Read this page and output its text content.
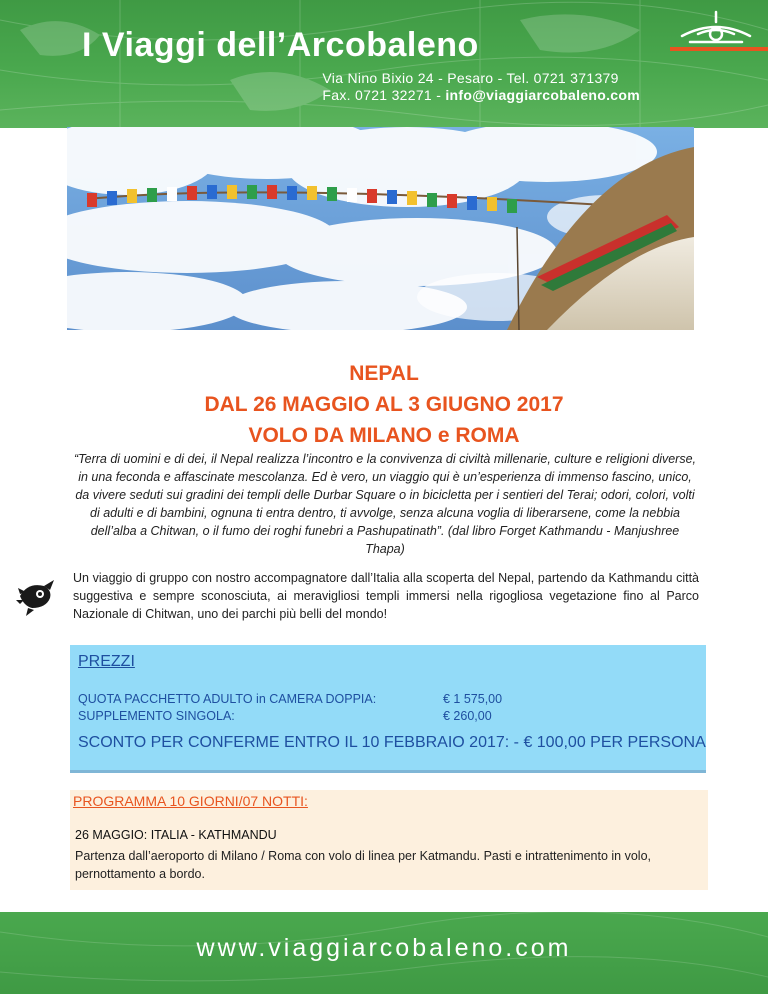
I Viaggi dell’Arcobaleno
Via Nino Bixio 24 - Pesaro - Tel. 0721 371379
Fax. 0721 32271 - info@viaggiarcobaleno.com
NEPAL
DAL 26 MAGGIO AL 3 GIUGNO 2017
VOLO DA MILANO e ROMA

“Terra di uomini e di dei, il Nepal realizza l’incontro e la convivenza di civiltà millenarie, culture e religioni diverse, in una feconda e affascinate mescolanza. Ed è vero, un viaggio qui è un’esperienza di immenso fascino, unico, da vivere seduti sui gradini dei templi delle Durbar Square o in bicicletta per i sentieri del Terai; odori, colori, volti di adulti e di bambini, ognuna ti entra dentro, ti avvolge, senza alcuna voglia di liberarsene, come la nebbia dell’alba a Chitwan, o il fumo dei roghi funebri a Pashupatinath”. (dal libro Forget Kathmandu - Manjushree Thapa)

Un viaggio di gruppo con nostro accompagnatore dall’Italia alla scoperta del Nepal, partendo da Kathmandu città suggestiva e sempre sconosciuta, ai meravigliosi templi immersi nella rigogliosa vegetazione fino al Parco Nazionale di Chitwan, uno dei parchi più belli del mondo!

PREZZI
QUOTA PACCHETTO ADULTO in CAMERA DOPPIA:	€ 1 575,00
SUPPLEMENTO SINGOLA:	€ 260,00

SCONTO PER CONFERME ENTRO IL 10 FEBBRAIO 2017: - € 100,00 PER PERSONA

PROGRAMMA 10 GIORNI/07 NOTTI:

26 MAGGIO: ITALIA - KATHMANDU

Partenza dall’aeroporto di Milano / Roma con volo di linea per Katmandu. Pasti e intrattenimento in volo, pernottamento a bordo.

www.viaggiarcobaleno.com
